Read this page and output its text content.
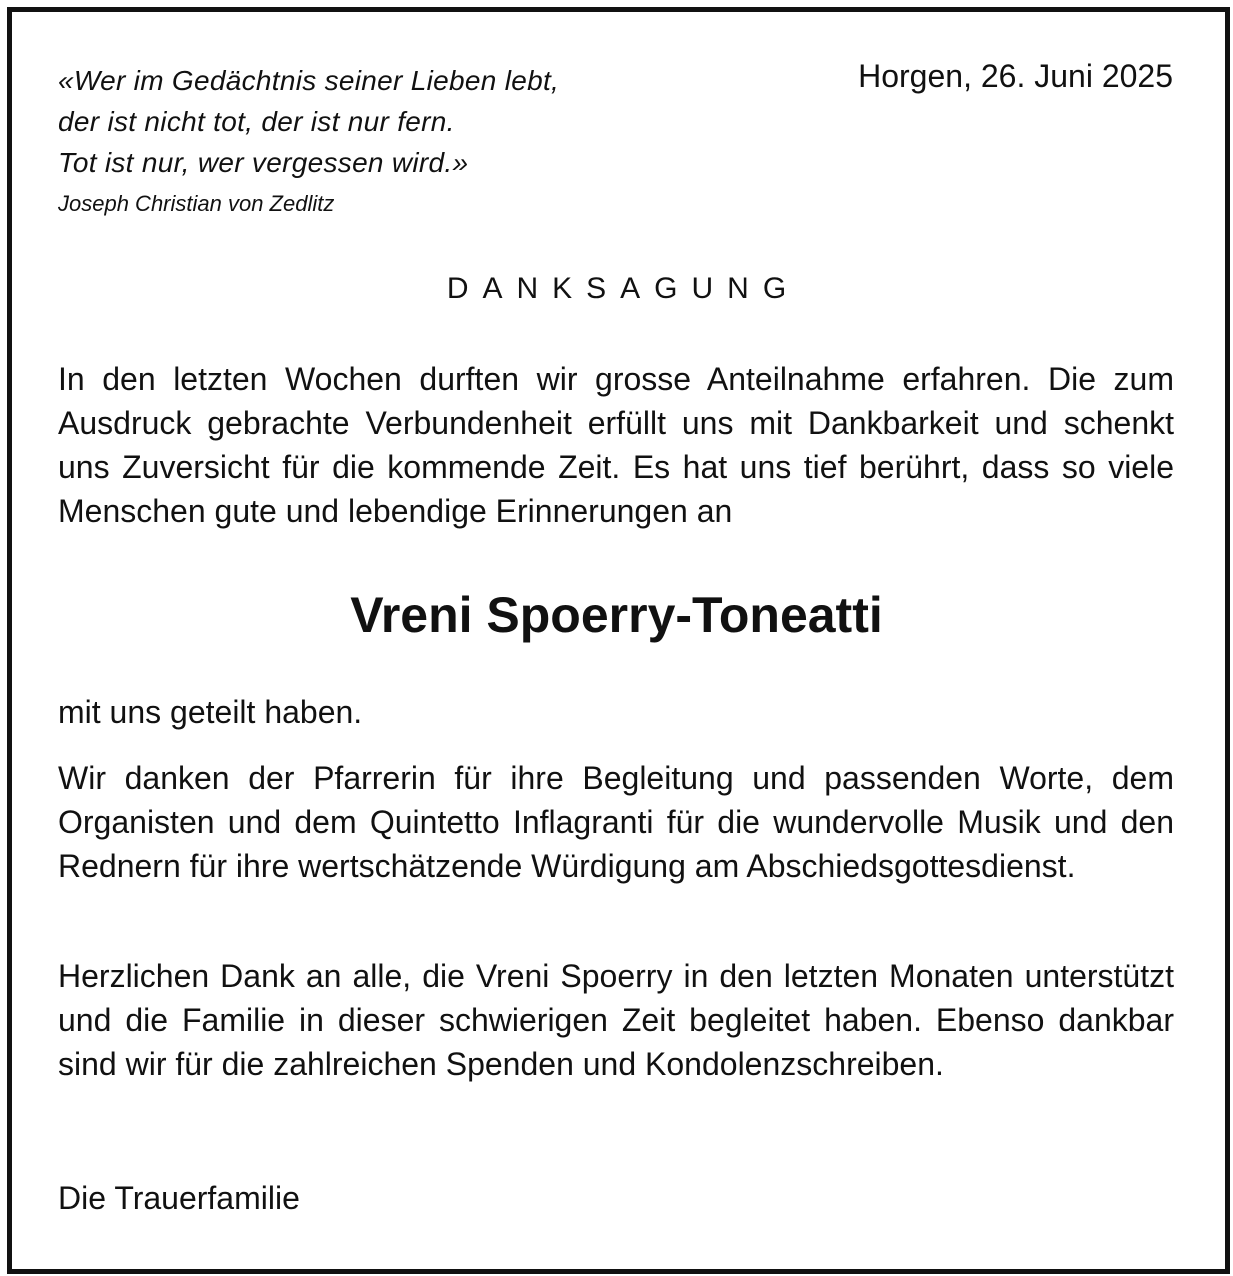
«Wer im Gedächtnis seiner Lieben lebt,
der ist nicht tot, der ist nur fern.
Tot ist nur, wer vergessen wird.»
Joseph Christian von Zedlitz
Horgen, 26. Juni 2025
DANKSAGUNG

In den letzten Wochen durften wir grosse Anteilnahme erfahren. Die zum Ausdruck gebrachte Verbundenheit erfüllt uns mit Dankbarkeit und schenkt uns Zuversicht für die kommende Zeit. Es hat uns tief berührt, dass so viele Menschen gute und lebendige Erinnerungen an

Vreni Spoerry-Toneatti

mit uns geteilt haben.

Wir danken der Pfarrerin für ihre Begleitung und passenden Worte, dem Organisten und dem Quintetto Inflagranti für die wundervolle Musik und den Rednern für ihre wertschätzende Würdigung am Abschiedsgottesdienst.

Herzlichen Dank an alle, die Vreni Spoerry in den letzten Monaten unterstützt und die Familie in dieser schwierigen Zeit begleitet haben. Ebenso dankbar sind wir für die zahlreichen Spenden und Kondolenzschreiben.

Die Trauerfamilie
